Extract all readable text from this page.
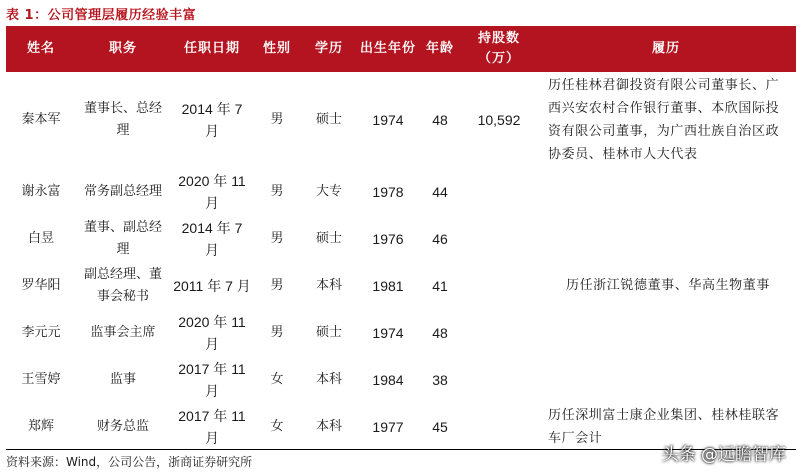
表 1：公司管理层履历经验丰富
姓名	职务	任职日期	性别	学历	出生年份	年龄	持股数（万）	履历
秦本军	董事长、总经理	2014 年 7 月	男	硕士	1974	48	10,592	历任桂林君御投资有限公司董事长、广西兴安农村合作银行董事、本欣国际投资有限公司董事，为广西壮族自治区政协委员、桂林市人大代表
谢永富	常务副总经理	2020 年 11 月	男	大专	1978	44		
白昱	董事、副总经理	2014 年 7 月	男	硕士	1976	46		
罗华阳	副总经理、董事会秘书	2011 年 7 月	男	本科	1981	41		历任浙江锐德董事、华高生物董事
李元元	监事会主席	2020 年 11 月	男	硕士	1974	48		
王雪婷	监事	2017 年 11 月	女	本科	1984	38		
郑辉	财务总监	2017 年 11 月	女	本科	1977	45		历任深圳富士康企业集团、桂林桂联客车厂会计
资料来源：Wind，公司公告，浙商证券研究所	头条 @远瞻智库
